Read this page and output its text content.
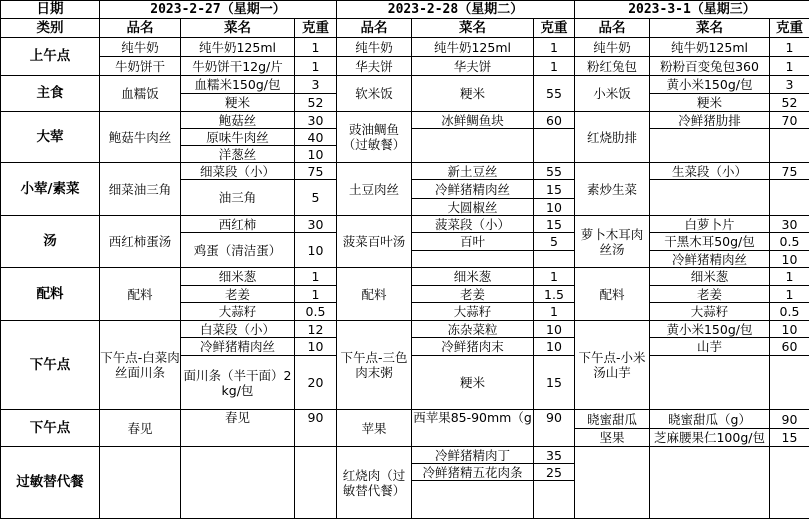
日期	2023-2-27（星期一）			2023-2-28（星期二）			2023-3-1（星期三）		
类别	品名	菜名	克重	品名	菜名	克重	品名	菜名	克重
上午点	纯牛奶	纯牛奶125ml	1	纯牛奶	纯牛奶125ml	1	纯牛奶	纯牛奶125ml	1
	牛奶饼干	牛奶饼干12g/片	1	华夫饼	华夫饼	1	粉红兔包	粉粉百变兔包360	1
主食	血糯饭	血糯米150g/包	3	软米饭	粳米	55	小米饭	黄小米150g/包	3
		粳米	52					粳米	52
大荤	鲍菇牛肉丝	鲍菇丝	30	豉油鲷鱼（过敏餐）	冰鲜鲷鱼块	60	红烧肋排	冷鲜猪肋排	70
		原味牛肉丝	40						
		洋葱丝	10						
小荤/素菜	细菜油三角	细菜段（小）	75	土豆肉丝	新土豆丝	55	素炒生菜	生菜段（小）	75
		油三角	5		冷鲜猪精肉丝	15			
					大圆椒丝	10			
汤	西红柿蛋汤	西红柿	30	菠菜百叶汤	菠菜段（小）	15	萝卜木耳肉丝汤	白萝卜片	30
		鸡蛋（清洁蛋）	10		百叶	5		干黑木耳50g/包	0.5
								冷鲜猪精肉丝	10
配料	配料	细米葱	1	配料	细米葱	1	配料	细米葱	1
		老姜	1		老姜	1.5		老姜	1
		大蒜籽	0.5		大蒜籽	1		大蒜籽	0.5
下午点	下午点-白菜肉丝面川条	白菜段（小）	12	下午点-三色肉末粥	冻杂菜粒	10	下午点-小米汤山芋	黄小米150g/包	10
		冷鲜猪精肉丝	10		冷鲜猪肉末	10		山芋	60
		面川条（半干面）2kg/包	20		粳米	15			
下午点	春见	春见	90	苹果	西苹果85-90mm（g	90	晓蜜甜瓜	晓蜜甜瓜（g）	90
							坚果	芝麻腰果仁100g/包	15
过敏替代餐				红烧肉（过敏替代餐）	冷鲜猪精肉丁	35			
					冷鲜猪精五花肉条	25			
